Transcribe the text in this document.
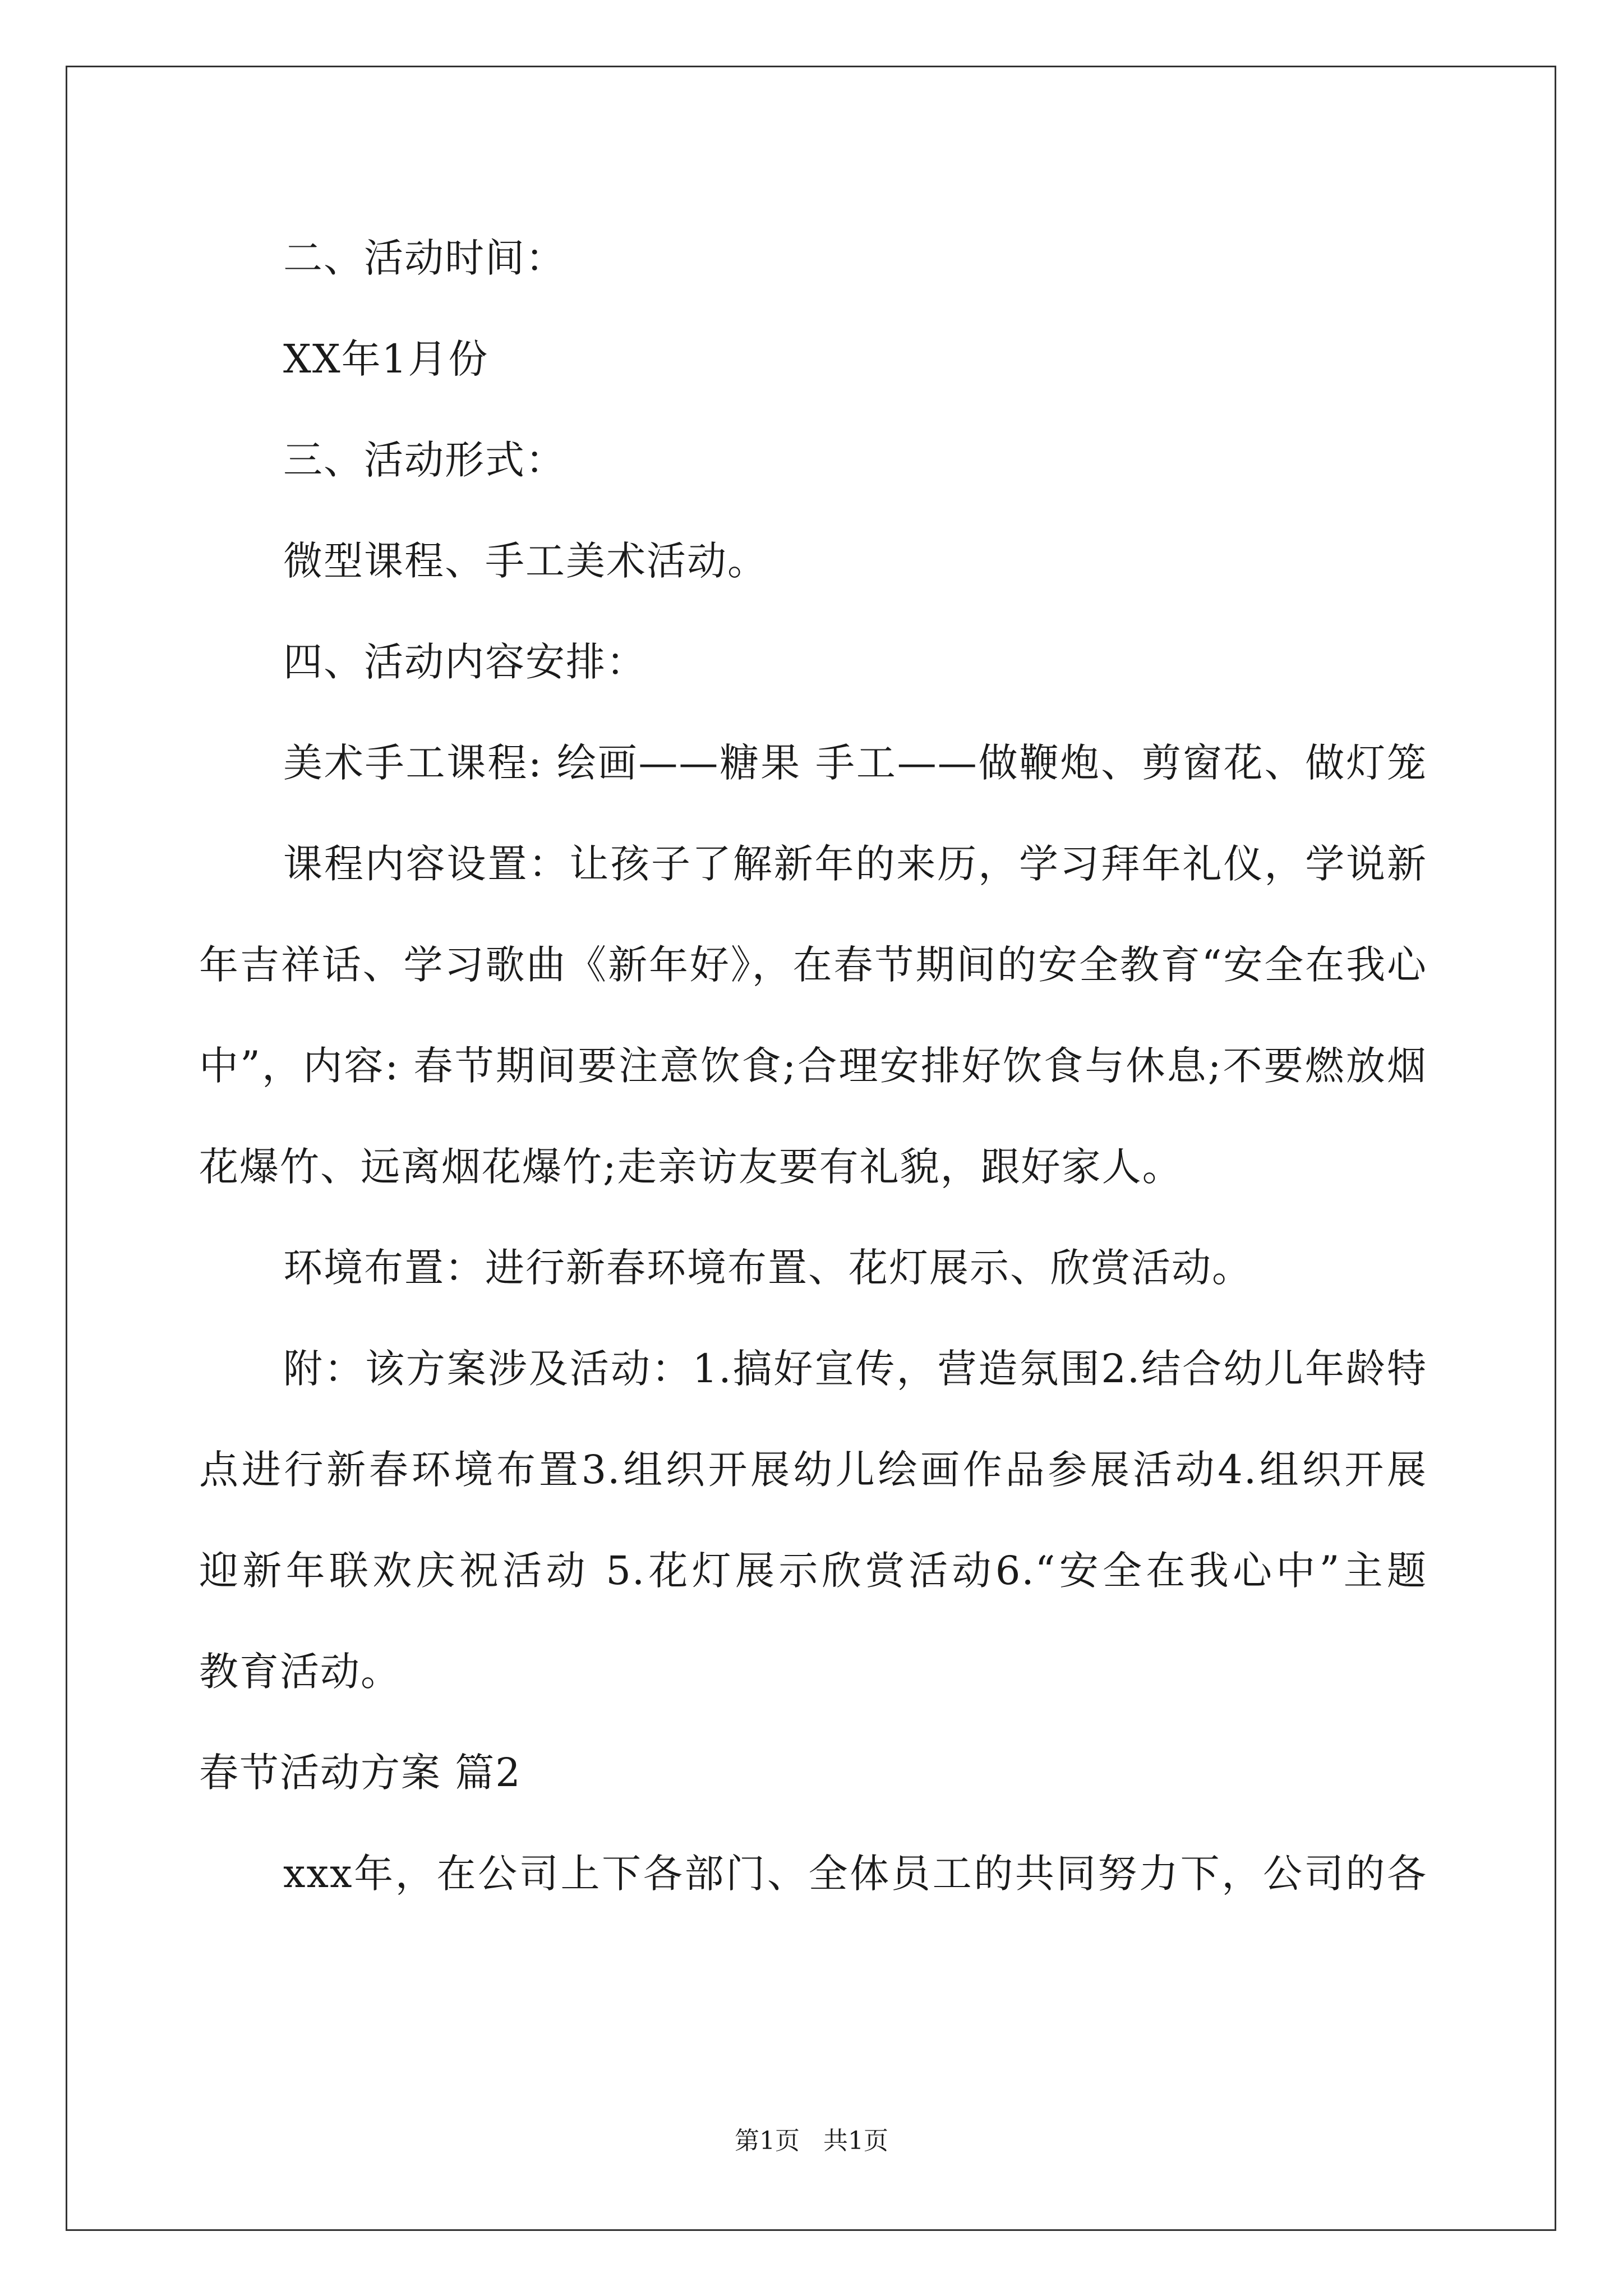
二、活动时间：
XX年1月份
三、活动形式：
微型课程、手工美术活动。
四、活动内容安排：
美术手工课程: 绘画——糖果 手工——做鞭炮、剪窗花、做灯笼
课程内容设置：让孩子了解新年的来历，学习拜年礼仪，学说新
年吉祥话、学习歌曲《新年好》，在春节期间的安全教育“安全在我心
中”，内容: 春节期间要注意饮食;合理安排好饮食与休息;不要燃放烟
花爆竹、远离烟花爆竹;走亲访友要有礼貌，跟好家人。
环境布置：进行新春环境布置、花灯展示、欣赏活动。
附：该方案涉及活动：1.搞好宣传，营造氛围2.结合幼儿年龄特
点进行新春环境布置3.组织开展幼儿绘画作品参展活动4.组织开展
迎新年联欢庆祝活动 5.花灯展示欣赏活动6.“安全在我心中”主题
教育活动。
春节活动方案 篇2
xxx年，在公司上下各部门、全体员工的共同努力下，公司的各
第1页 共1页
